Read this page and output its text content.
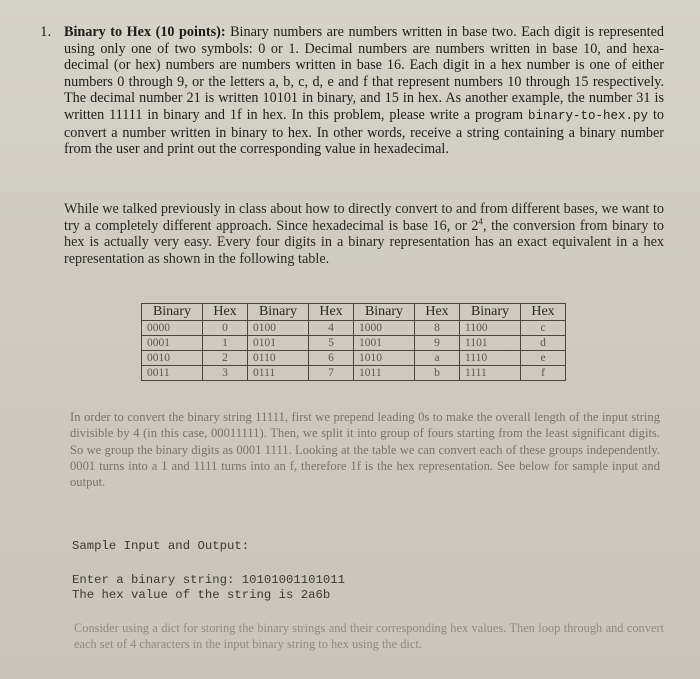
1. Binary to Hex (10 points): Binary numbers are numbers written in base two. Each digit is represented using only one of two symbols: 0 or 1. Decimal numbers are numbers written in base 10, and hexa-decimal (or hex) numbers are numbers written in base 16. Each digit in a hex number is one of either numbers 0 through 9, or the letters a, b, c, d, e and f that represent numbers 10 through 15 respectively. The decimal number 21 is written 10101 in binary, and 15 in hex. As another example, the number 31 is written 11111 in binary and 1f in hex. In this problem, please write a program binary-to-hex.py to convert a number written in binary to hex. In other words, receive a string containing a binary number from the user and print out the corresponding value in hexadecimal.
While we talked previously in class about how to directly convert to and from different bases, we want to try a completely different approach. Since hexadecimal is base 16, or $2^4$, the conversion from binary to hex is actually very easy. Every four digits in a binary representation has an exact equivalent in a hex representation as shown in the following table.
Binary	Hex	Binary	Hex	Binary	Hex	Binary	Hex
0000	0	0100	4	1000	8	1100	c
0001	1	0101	5	1001	9	1101	d
0010	2	0110	6	1010	a	1110	e
0011	3	0111	7	1011	b	1111	f
In order to convert the binary string 11111, first we prepend leading 0s to make the overall length of the input string divisible by 4 (in this case, 00011111). Then, we split it into group of fours starting from the least significant digits. So we group the binary digits as 0001 1111. Looking at the table we can convert each of these groups independently. 0001 turns into a 1 and 1111 turns into an f, therefore 1f is the hex representation. See below for sample input and output.
Sample Input and Output:
Enter a binary string: 10101001101011
The hex value of the string is 2a6b
Consider using a dict for storing the binary strings and their corresponding hex values. Then loop through and convert each set of 4 characters in the input binary string to hex using the dict.
